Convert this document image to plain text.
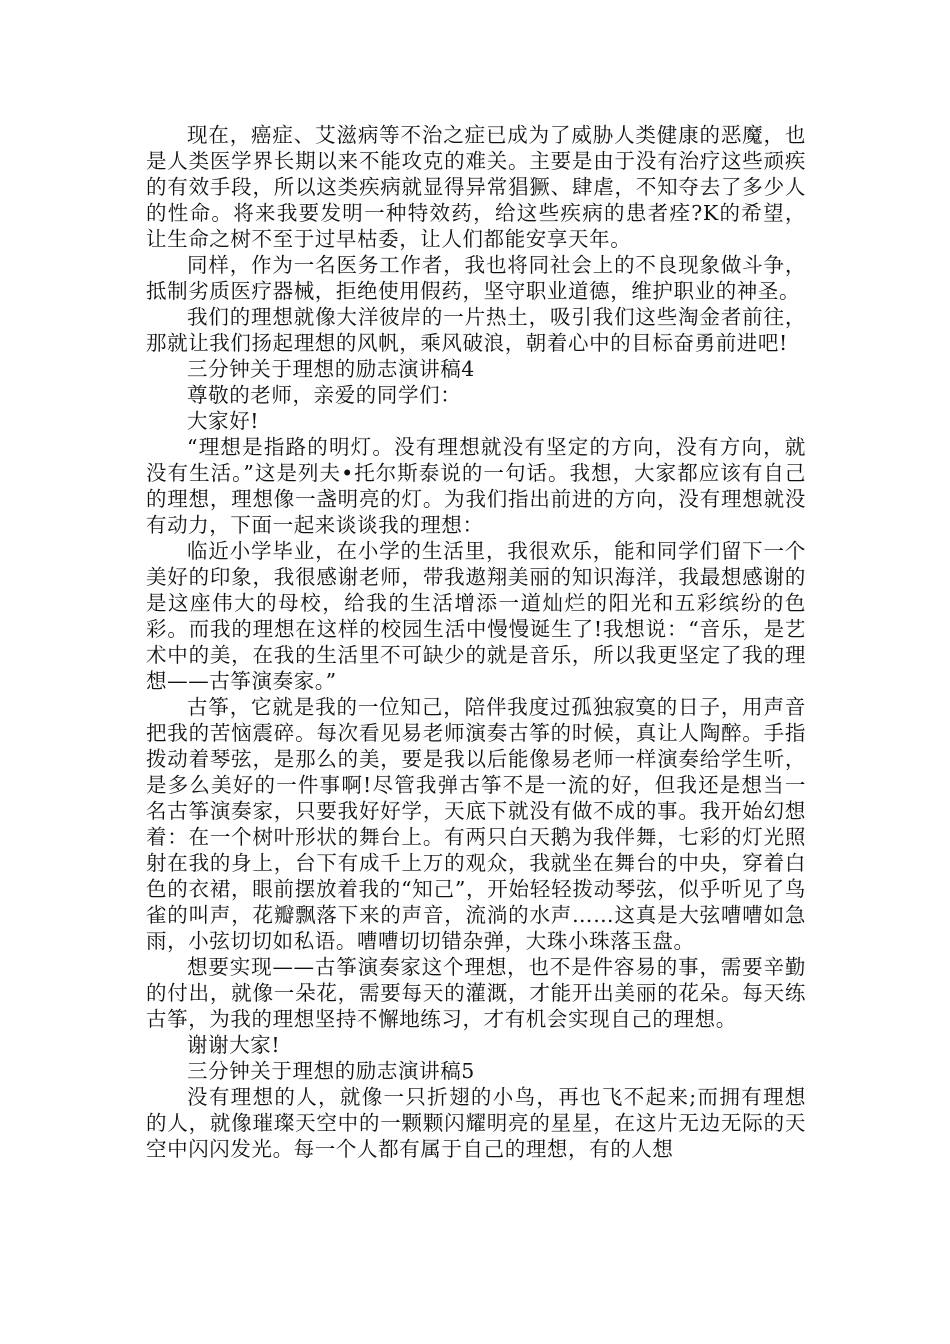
现在，癌症、艾滋病等不治之症已成为了威胁人类健康的恶魔，也是人类医学界长期以来不能攻克的难关。主要是由于没有治疗这些顽疾的有效手段，所以这类疾病就显得异常猖獗、肆虐，不知夺去了多少人的性命。将来我要发明一种特效药，给这些疾病的患者痊?K的希望，让生命之树不至于过早枯委，让人们都能安享天年。

同样，作为一名医务工作者，我也将同社会上的不良现象做斗争，抵制劣质医疗器械，拒绝使用假药，坚守职业道德，维护职业的神圣。

我们的理想就像大洋彼岸的一片热土，吸引我们这些淘金者前往，那就让我们扬起理想的风帆，乘风破浪，朝着心中的目标奋勇前进吧!

三分钟关于理想的励志演讲稿4

尊敬的老师，亲爱的同学们：

大家好!

“理想是指路的明灯。没有理想就没有坚定的方向，没有方向，就没有生活。”这是列夫•托尔斯泰说的一句话。我想，大家都应该有自己的理想，理想像一盏明亮的灯。为我们指出前进的方向，没有理想就没有动力，下面一起来谈谈我的理想：

临近小学毕业，在小学的生活里，我很欢乐，能和同学们留下一个美好的印象，我很感谢老师，带我遨翔美丽的知识海洋，我最想感谢的是这座伟大的母校，给我的生活增添一道灿烂的阳光和五彩缤纷的色彩。而我的理想在这样的校园生活中慢慢诞生了!我想说：“音乐，是艺术中的美，在我的生活里不可缺少的就是音乐，所以我更坚定了我的理想——古筝演奏家。”

古筝，它就是我的一位知己，陪伴我度过孤独寂寞的日子，用声音把我的苦恼震碎。每次看见易老师演奏古筝的时候，真让人陶醉。手指拨动着琴弦，是那么的美，要是我以后能像易老师一样演奏给学生听，是多么美好的一件事啊!尽管我弹古筝不是一流的好，但我还是想当一名古筝演奏家，只要我好好学，天底下就没有做不成的事。我开始幻想着：在一个树叶形状的舞台上。有两只白天鹅为我伴舞，七彩的灯光照射在我的身上，台下有成千上万的观众，我就坐在舞台的中央，穿着白色的衣裙，眼前摆放着我的“知己”，开始轻轻拨动琴弦，似乎听见了鸟雀的叫声，花瓣飘落下来的声音，流淌的水声……这真是大弦嘈嘈如急雨，小弦切切如私语。嘈嘈切切错杂弹，大珠小珠落玉盘。

想要实现——古筝演奏家这个理想，也不是件容易的事，需要辛勤的付出，就像一朵花，需要每天的灌溉，才能开出美丽的花朵。每天练古筝，为我的理想坚持不懈地练习，才有机会实现自己的理想。

谢谢大家!

三分钟关于理想的励志演讲稿5

没有理想的人，就像一只折翅的小鸟，再也飞不起来;而拥有理想的人，就像璀璨天空中的一颗颗闪耀明亮的星星，在这片无边无际的天空中闪闪发光。每一个人都有属于自己的理想，有的人想
